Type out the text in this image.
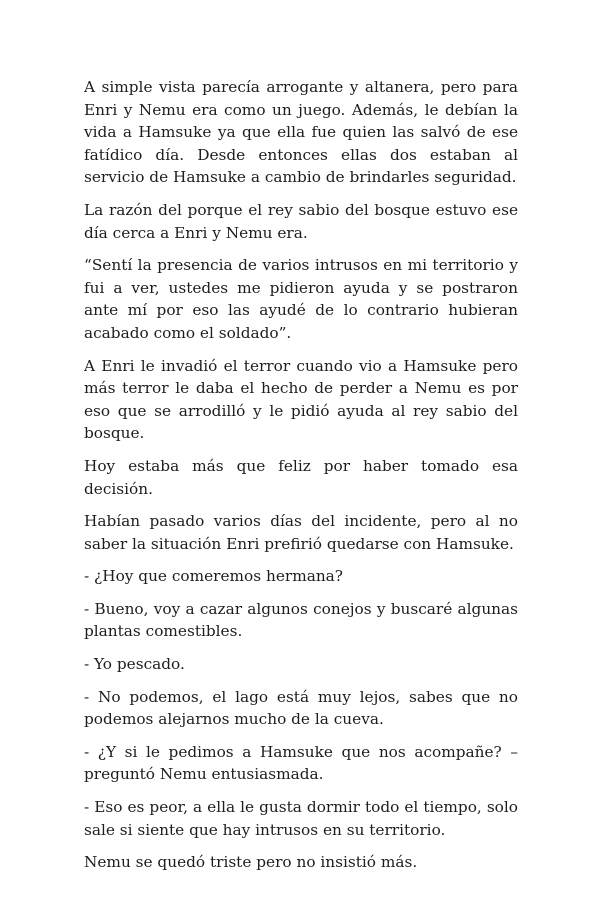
A simple vista parecía arrogante y altanera, pero para Enri y Nemu era como un juego. Además, le debían la vida a Hamsuke ya que ella fue quien las salvó de ese fatídico día. Desde entonces ellas dos estaban al servicio de Hamsuke a cambio de brindarles seguridad.

La razón del porque el rey sabio del bosque estuvo ese día cerca a Enri y Nemu era.

“Sentí la presencia de varios intrusos en mi territorio y fui a ver, ustedes me pidieron ayuda y se postraron ante mí por eso las ayudé de lo contrario hubieran acabado como el soldado”.

A Enri le invadió el terror cuando vio a Hamsuke pero más terror le daba el hecho de perder a Nemu es por eso que se arrodilló y le pidió ayuda al rey sabio del bosque.

Hoy estaba más que feliz por haber tomado esa decisión.

Habían pasado varios días del incidente, pero al no saber la situación Enri prefirió quedarse con Hamsuke.

- ¿Hoy que comeremos hermana?

- Bueno, voy a cazar algunos conejos y buscaré algunas plantas comestibles.

- Yo pescado.

- No podemos, el lago está muy lejos, sabes que no podemos alejarnos mucho de la cueva.

- ¿Y si le pedimos a Hamsuke que nos acompañe? – preguntó Nemu entusiasmada.

- Eso es peor, a ella le gusta dormir todo el tiempo, solo sale si siente que hay intrusos en su territorio.

Nemu se quedó triste pero no insistió más.
